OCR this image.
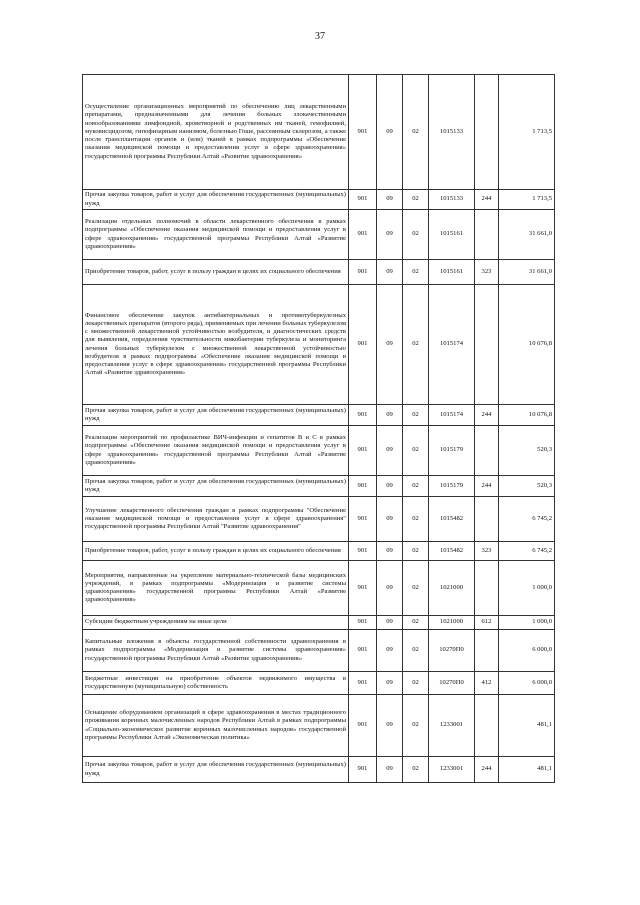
37
Осуществление организационных мероприятий по обеспечению лиц лекарственными препаратами, предназначенными для лечения больных злокачественными новообразованиями лимфоидной, кроветворной и родственных им тканей, гемофилией, муковисцидозом, гипофизарным нанизмом, болезнью Гоше, рассеянным склерозом, а также после трансплантации органов и (или) тканей в рамках подпрограммы «Обеспечение оказания медицинской помощи и предоставления услуг в сфере здравоохранения» государственной программы Республики Алтай «Развитие здравоохранения»	901	09	02	1015133		1 713,5
Прочая закупка товаров, работ и услуг для обеспечения государственных (муниципальных) нужд	901	09	02	1015133	244	1 713,5
Реализация отдельных полномочий в области лекарственного обеспечения в рамках подпрограммы «Обеспечение оказания медицинской помощи и предоставления услуг в сфере здравоохранения» государственной программы Республики Алтай «Развитие здравоохранения»	901	09	02	1015161		31 661,0
Приобретение товаров, работ, услуг в пользу граждан в целях их социального обеспечения	901	09	02	1015161	323	31 661,0
Финансовое обеспечение закупок антибактериальных и противотуберкулезных лекарственных препаратов (второго ряда), применяемых при лечении больных туберкулезом с множественной лекарственной устойчивостью возбудителя, и диагностических средств для выявления, определения чувствительности микобактерии туберкулеза и мониторинга лечения больных туберкулезом с множественной лекарственной устойчивостью возбудителя в рамках подпрограммы «Обеспечение оказания медицинской помощи и предоставления услуг в сфере здравоохранения» государственной программы Республики Алтай «Развитие здравоохранения»	901	09	02	1015174		10 076,8
Прочая закупка товаров, работ и услуг для обеспечения государственных (муниципальных) нужд	901	09	02	1015174	244	10 076,8
Реализация мероприятий по профилактике ВИЧ-инфекции и гепатитов В и С в рамках подпрограммы «Обеспечение оказания медицинской помощи и предоставления услуг в сфере здравоохранения» государственной программы Республики Алтай «Развитие здравоохранения»	901	09	02	1015179		520,3
Прочая закупка товаров, работ и услуг для обеспечения государственных (муниципальных) нужд	901	09	02	1015179	244	520,3
Улучшение лекарственного обеспечения граждан в рамках подпрограммы "Обеспечение оказания медицинской помощи и предоставления услуг в сфере здравоохранения" государственной программы Республики Алтай "Развитие здравоохранения"	901	09	02	1015482		6 745,2
Приобретение товаров, работ, услуг в пользу граждан в целях их социального обеспечения	901	09	02	1015482	323	6 745,2
Мероприятия, направленные на укрепление материально-технической базы медицинских учреждений, в рамках подпрограммы «Модернизация и развитие системы здравоохранения» государственной программы Республики Алтай «Развитие здравоохранения»	901	09	02	1021000		1 000,0
Субсидии бюджетным учреждениям на иные цели	901	09	02	1021000	612	1 000,0
Капитальные вложения в объекты государственной собственности здравоохранения в рамках подпрограммы «Модернизация и развитие системы здравоохранения» государственной программы Республики Алтай «Развитие здравоохранения»	901	09	02	10270П0		6 000,0
Бюджетные инвестиции на приобретение объектов недвижимого имущества в государственную (муниципальную) собственность	901	09	02	10270П0	412	6 000,0
Оснащение оборудованием организаций в сфере здравоохранения в местах традиционного проживания коренных малочисленных народов Республики Алтай в рамках подпрограммы «Социально-экономическое развитие коренных малочисленных народов» государственной программы Республики Алтай «Экономическая политика»	901	09	02	1233001		481,1
Прочая закупка товаров, работ и услуг для обеспечения государственных (муниципальных) нужд	901	09	02	1233001	244	481,1
